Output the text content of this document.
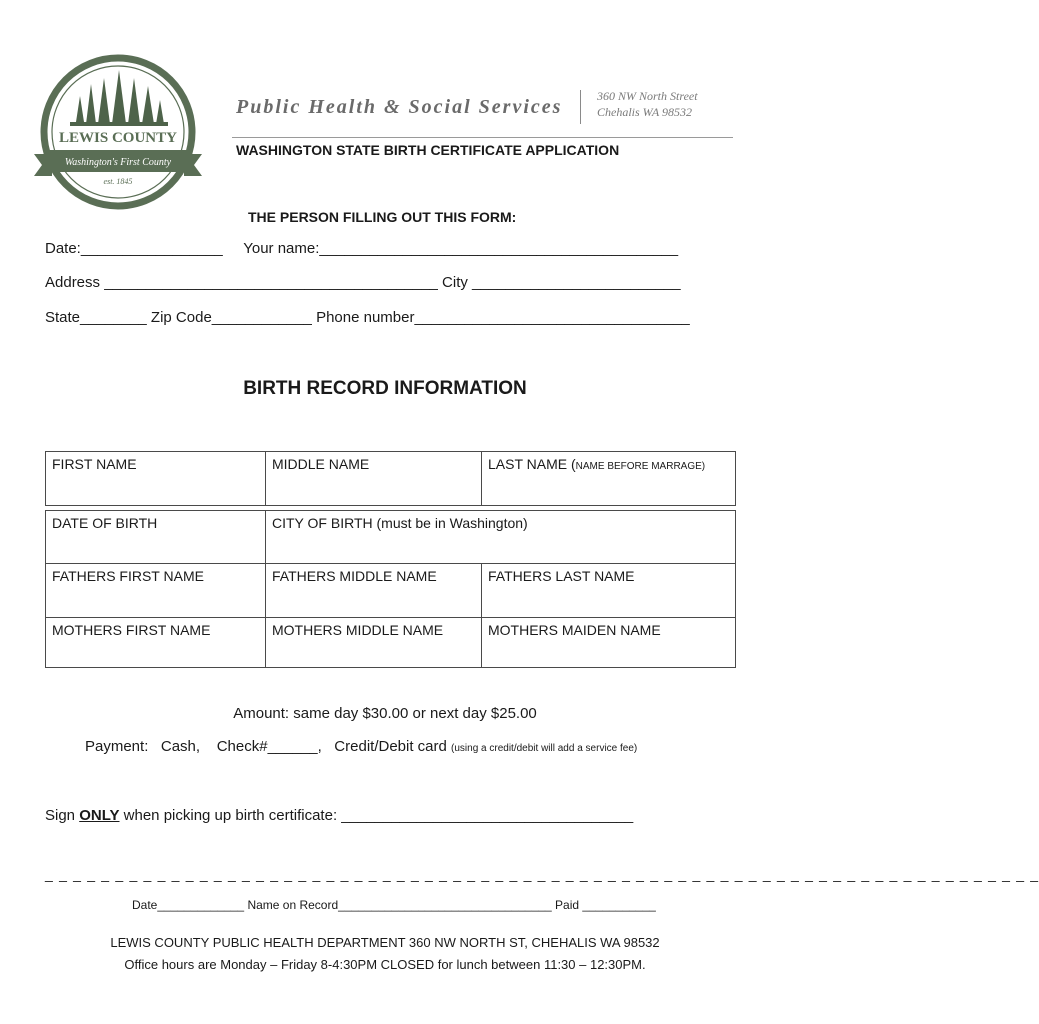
LEWIS COUNTY
Washington's First County
est. 1845
Public Health & Social Services	360 NW North Street
Chehalis WA 98532
WASHINGTON STATE BIRTH CERTIFICATE APPLICATION
THE PERSON FILLING OUT THIS FORM:
Date:_________________     Your name:___________________________________________
Address ________________________________________ City _________________________
State________ Zip Code____________ Phone number_________________________________
BIRTH RECORD INFORMATION
FIRST NAME	MIDDLE NAME	LAST NAME (NAME BEFORE MARRAGE)
DATE OF BIRTH	CITY OF BIRTH (must be in Washington)
FATHERS FIRST NAME	FATHERS MIDDLE NAME	FATHERS LAST NAME
MOTHERS FIRST NAME	MOTHERS MIDDLE NAME	MOTHERS MAIDEN NAME
Amount: same day $30.00 or next day $25.00
Payment:   Cash,    Check#______,   Credit/Debit card (using a credit/debit will add a service fee)
Sign ONLY when picking up birth certificate: ___________________________________
_ _ _ _ _ _ _ _ _ _ _ _ _ _ _ _ _ _ _ _ _ _ _ _ _ _ _ _ _ _ _ _ _ _ _ _ _ _ _ _ _ _ _ _ _ _ _ _ _ _ _ _ _ _ _ _ _ _ _ _ _ _ _ _ _ _ _ _ _ _ _
Date_____________ Name on Record________________________________ Paid ___________
LEWIS COUNTY PUBLIC HEALTH DEPARTMENT 360 NW NORTH ST, CHEHALIS WA 98532
Office hours are Monday – Friday 8-4:30PM CLOSED for lunch between 11:30 – 12:30PM.
